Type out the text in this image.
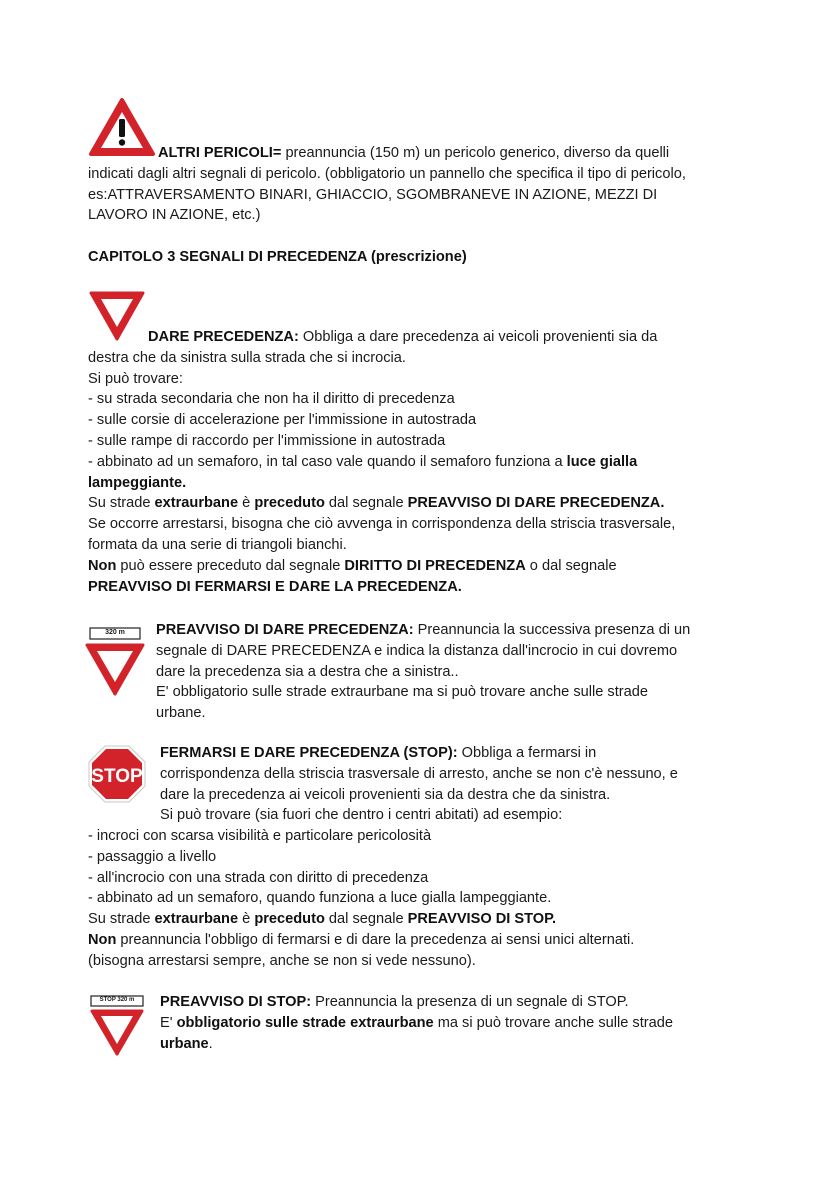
ALTRI PERICOLI= preannuncia (150 m) un pericolo generico, diverso da quelli

indicati dagli altri segnali di pericolo. (obbligatorio un pannello che specifica il tipo di pericolo,

es:ATTRAVERSAMENTO BINARI, GHIACCIO, SGOMBRANEVE IN AZIONE, MEZZI DI

LAVORO IN AZIONE, etc.)

CAPITOLO 3 SEGNALI DI PRECEDENZA (prescrizione)

DARE PRECEDENZA: Obbliga a dare precedenza ai veicoli provenienti sia da

destra che da sinistra sulla strada che si incrocia.

Si può trovare:

- su strada secondaria che non ha il diritto di precedenza

- sulle corsie di accelerazione per l'immissione in autostrada

- sulle rampe di raccordo per l'immissione in autostrada

- abbinato ad un semaforo, in tal caso vale quando il semaforo funziona a luce gialla

lampeggiante.

Su strade extraurbane è preceduto dal segnale PREAVVISO DI DARE PRECEDENZA.

Se occorre arrestarsi, bisogna che ciò avvenga in corrispondenza della striscia trasversale,

formata da una serie di triangoli bianchi.

Non può essere preceduto dal segnale DIRITTO DI PRECEDENZA o dal segnale

PREAVVISO DI FERMARSI E DARE LA PRECEDENZA.

320 m	PREAVVISO DI DARE PRECEDENZA: Preannuncia la successiva presenza di un

segnale di DARE PRECEDENZA e indica la distanza dall'incrocio in cui dovremo

dare la precedenza sia a destra che a sinistra..

E' obbligatorio sulle strade extraurbane ma si può trovare anche sulle strade

urbane.

STOP

FERMARSI E DARE PRECEDENZA (STOP): Obbliga a fermarsi in

corrispondenza della striscia trasversale di arresto, anche se non c'è nessuno, e

dare la precedenza ai veicoli provenienti sia da destra che da sinistra.

Si può trovare (sia fuori che dentro i centri abitati) ad esempio:

- incroci con scarsa visibilità e particolare pericolosità

- passaggio a livello

- all'incrocio con una strada con diritto di precedenza

- abbinato ad un semaforo, quando funziona a luce gialla lampeggiante.

Su strade extraurbane è preceduto dal segnale PREAVVISO DI STOP.

Non preannuncia l'obbligo di fermarsi e di dare la precedenza ai sensi unici alternati.

(bisogna arrestarsi sempre, anche se non si vede nessuno).

STOP 320 m	PREAVVISO DI STOP: Preannuncia la presenza di un segnale di STOP.

E' obbligatorio sulle strade extraurbane ma si può trovare anche sulle strade

urbane.
